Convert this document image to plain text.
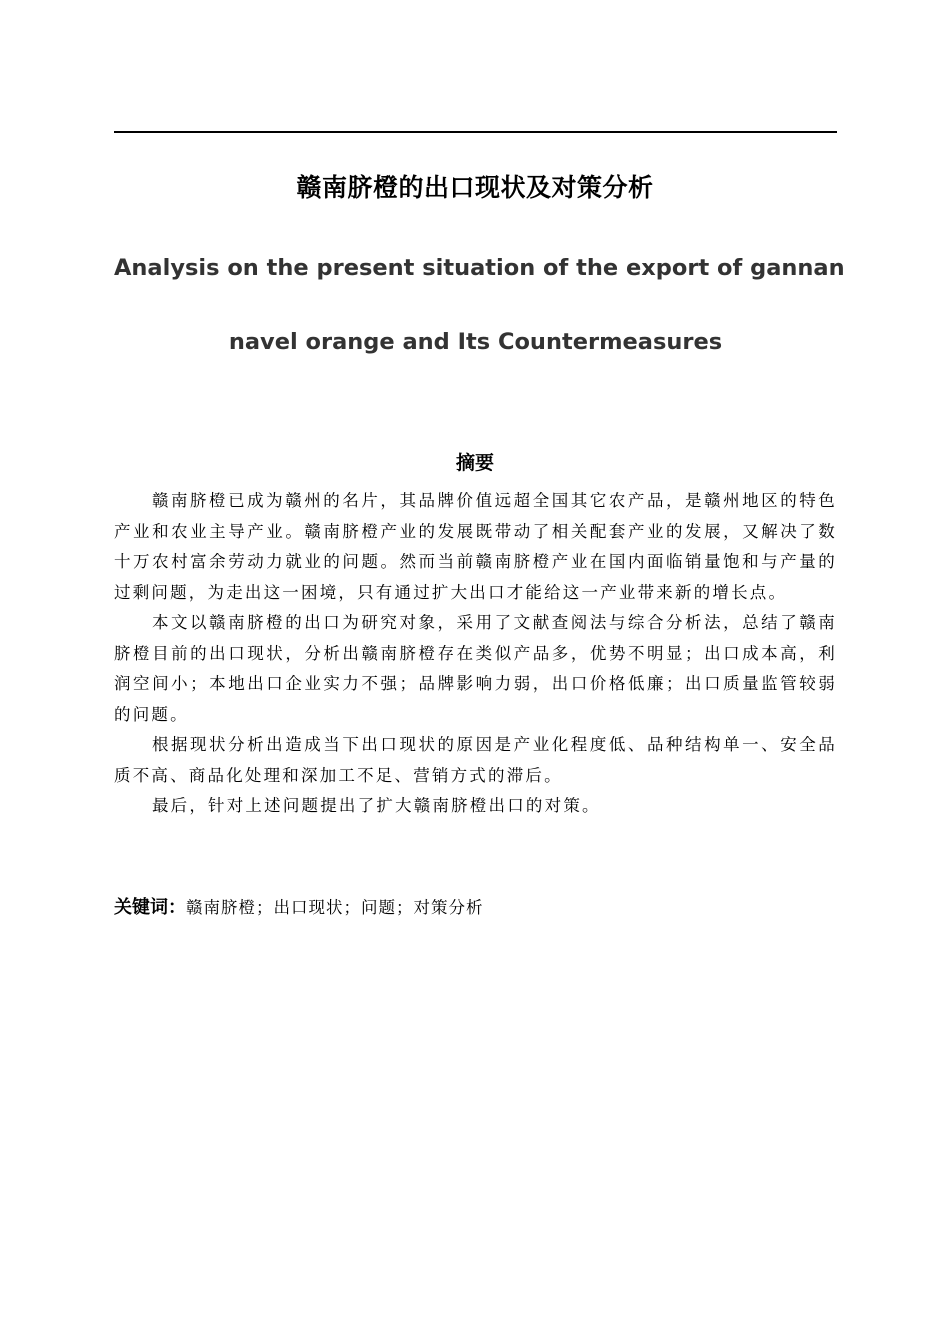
赣南脐橙的出口现状及对策分析
Analysis on the present situation of the export of gannan
navel orange and Its Countermeasures
摘要

赣南脐橙已成为赣州的名片，其品牌价值远超全国其它农产品，是赣州地区的特色产业和农业主导产业。赣南脐橙产业的发展既带动了相关配套产业的发展，又解决了数十万农村富余劳动力就业的问题。然而当前赣南脐橙产业在国内面临销量饱和与产量的过剩问题，为走出这一困境，只有通过扩大出口才能给这一产业带来新的增长点。

本文以赣南脐橙的出口为研究对象，采用了文献查阅法与综合分析法，总结了赣南脐橙目前的出口现状，分析出赣南脐橙存在类似产品多，优势不明显；出口成本高，利润空间小；本地出口企业实力不强；品牌影响力弱，出口价格低廉；出口质量监管较弱的问题。

根据现状分析出造成当下出口现状的原因是产业化程度低、品种结构单一、安全品质不高、商品化处理和深加工不足、营销方式的滞后。

最后，针对上述问题提出了扩大赣南脐橙出口的对策。

关键词：赣南脐橙；出口现状；问题；对策分析
